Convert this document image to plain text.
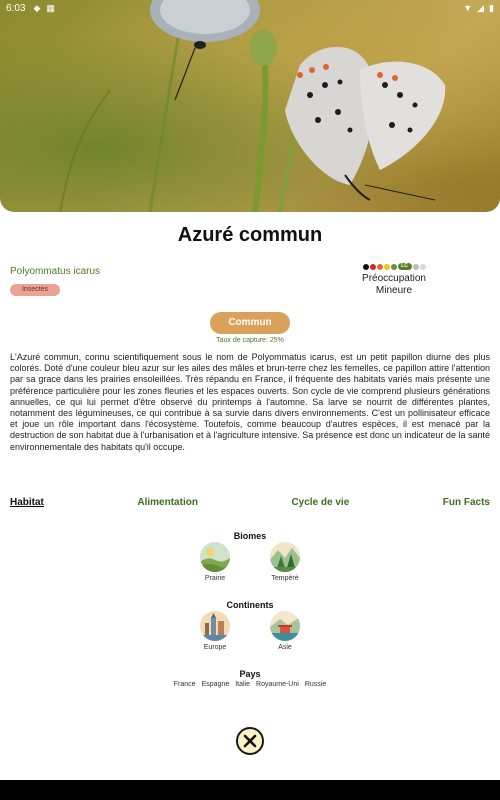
6:03 ◆ ▦	▼ ◢ ▮
Azuré commun
Polyommatus icarus
Insectes
LC
Préoccupation
Mineure
Commun
Taux de capture: 25%

L'Azuré commun, connu scientifiquement sous le nom de Polyommatus icarus, est un petit papillon diurne des plus colorés. Doté d'une couleur bleu azur sur les ailes des mâles et brun-terre chez les femelles, ce papillon attire l'attention par sa grace dans les prairies ensoleillées. Très répandu en France, il fréquente des habitats variés mais présente une préférence particulière pour les zones fleuries et les espaces ouverts. Son cycle de vie comprend plusieurs générations annuelles, ce qui lui permet d'être observé du printemps à l'automne. Sa larve se nourrit de différentes plantes, notamment des légumineuses, ce qui contribue à sa survie dans divers environnements. C'est un pollinisateur efficace et joue un rôle important dans l'écosystème. Toutefois, comme beaucoup d'autres espèces, il est menacé par la destruction de son habitat due à l'urbanisation et à l'agriculture intensive. Sa présence est donc un indicateur de la santé environnementale des habitats qu'il occupe.

Habitat	Alimentation	Cycle de vie	Fun Facts
Biomes
Prairie	Tempéré
Continents
Europe	Asie
Pays
France Espagne Italie Royaume-Uni Russie
